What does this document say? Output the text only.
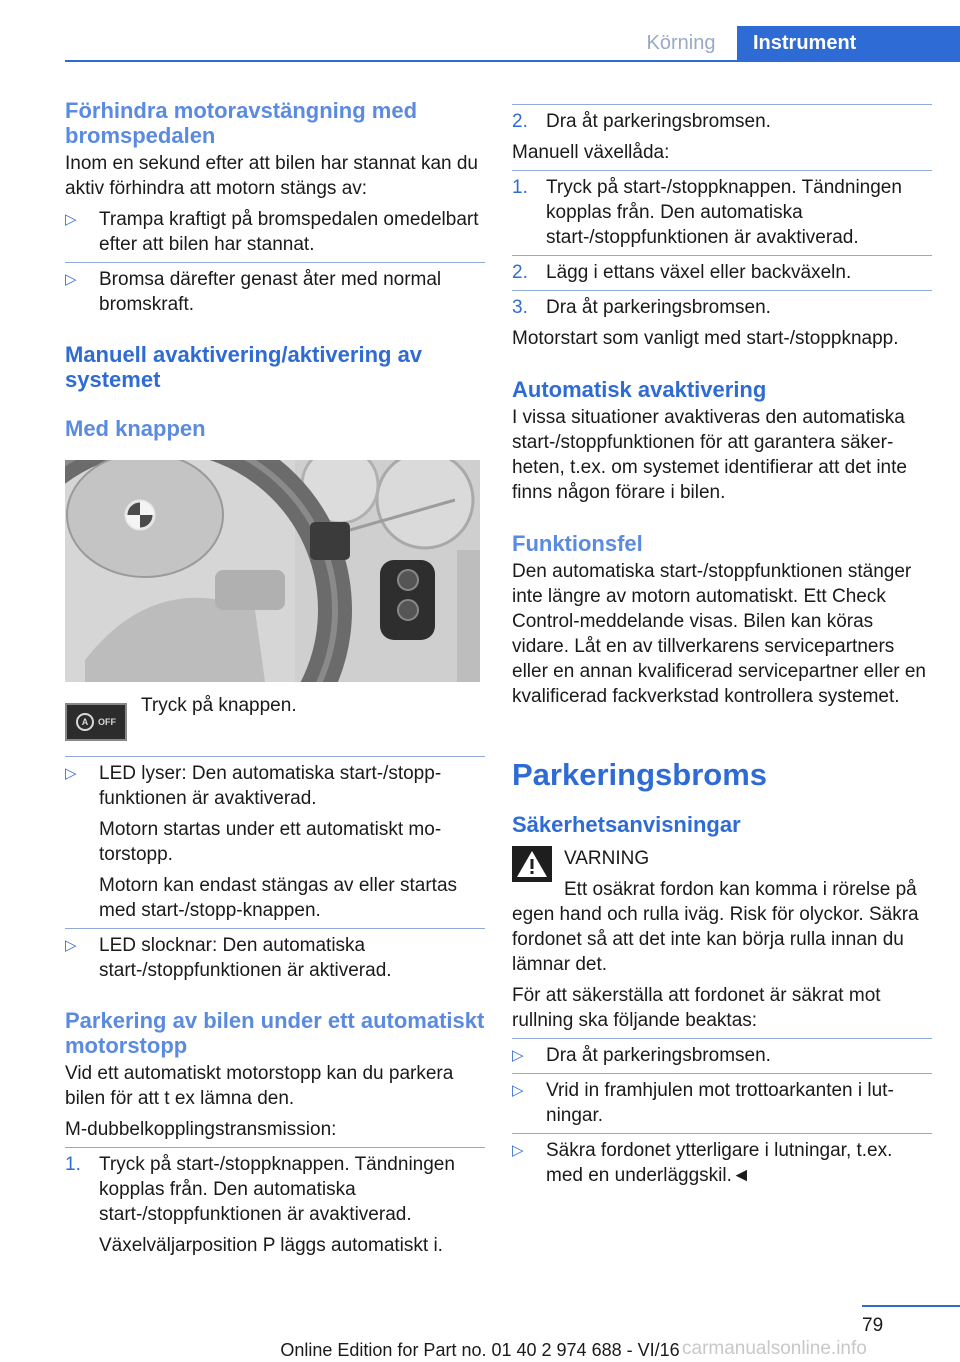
Körning	Instrument
Förhindra motoravstängning med bromspedalen

Inom en sekund efter att bilen har stannat kan du aktiv förhindra att motorn stängs av:

▷ Trampa kraftigt på bromspedalen omedelbart efter att bilen har stannat.
▷ Bromsa därefter genast åter med normal bromskraft.
Manuell avaktivering/aktivering av systemet
Med knappen
A	OFF

Tryck på knappen.

▷ LED lyser: Den automatiska start-/stoppfunktionen är avaktiverad.

Motorn startas under ett automatiskt motorstopp.

Motorn kan endast stängas av eller startas med start-/stopp-knappen.

▷ LED slocknar: Den automatiska start-/stoppfunktionen är aktiverad.
Parkering av bilen under ett automatiskt motorstopp

Vid ett automatiskt motorstopp kan du parkera bilen för att t ex lämna den.

M-dubbelkopplingstransmission:

1. Tryck på start-/stoppknappen. Tändningen kopplas från. Den automatiska start-/stoppfunktionen är avaktiverad.

Växelväljarposition P läggs automatiskt i.

2. Dra åt parkeringsbromsen.

Manuell växellåda:

1. Tryck på start-/stoppknappen. Tändningen kopplas från. Den automatiska start-/stoppfunktionen är avaktiverad.
2. Lägg i ettans växel eller backväxeln.
3. Dra åt parkeringsbromsen.

Motorstart som vanligt med start-/stoppknapp.

Automatisk avaktivering

I vissa situationer avaktiveras den automatiska start-/stoppfunktionen för att garantera säkerheten, t.ex. om systemet identifierar att det inte finns någon förare i bilen.

Funktionsfel

Den automatiska start-/stoppfunktionen stänger inte längre av motorn automatiskt. Ett Check Control-meddelande visas. Bilen kan köras vidare. Låt en av tillverkarens servicepartners eller en annan kvalificerad servicepartner eller en kvalificerad fackverkstad kontrollera systemet.

Parkeringsbroms
Säkerhetsanvisningar

VARNING

Ett osäkrat fordon kan komma i rörelse på egen hand och rulla iväg. Risk för olyckor. Säkra fordonet så att det inte kan börja rulla innan du lämnar det.

För att säkerställa att fordonet är säkrat mot rullning ska följande beaktas:

▷ Dra åt parkeringsbromsen.
▷ Vrid in framhjulen mot trottoarkanten i lutningar.
▷ Säkra fordonet ytterligare i lutningar, t.ex. med en underläggskil.◄
79
Online Edition for Part no. 01 40 2 974 688 - VI/16 carmanualsonline.info
